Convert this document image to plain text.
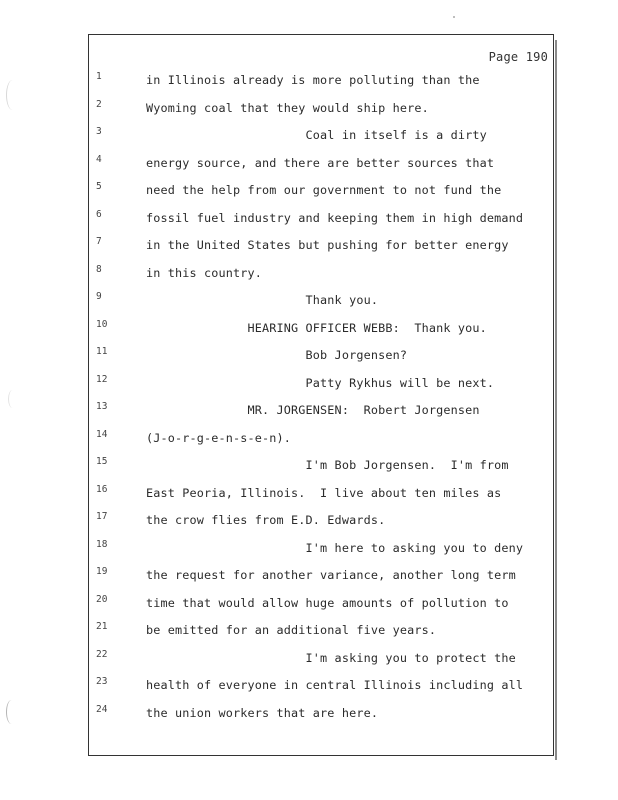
Page 190
1
2
3
4
5
6
7
8
9
10
11
12
13
14
15
16
17
18
19
20
21
22
23
24
in Illinois already is more polluting than the
Wyoming coal that they would ship here.
Coal in itself is a dirty
energy source, and there are better sources that
need the help from our government to not fund the
fossil fuel industry and keeping them in high demand
in the United States but pushing for better energy
in this country.
Thank you.
HEARING OFFICER WEBB:  Thank you.
Bob Jorgensen?
Patty Rykhus will be next.
MR. JORGENSEN:  Robert Jorgensen
(J-o-r-g-e-n-s-e-n).
I'm Bob Jorgensen.  I'm from
East Peoria, Illinois.  I live about ten miles as
the crow flies from E.D. Edwards.
I'm here to asking you to deny
the request for another variance, another long term
time that would allow huge amounts of pollution to
be emitted for an additional five years.
I'm asking you to protect the
health of everyone in central Illinois including all
the union workers that are here.
